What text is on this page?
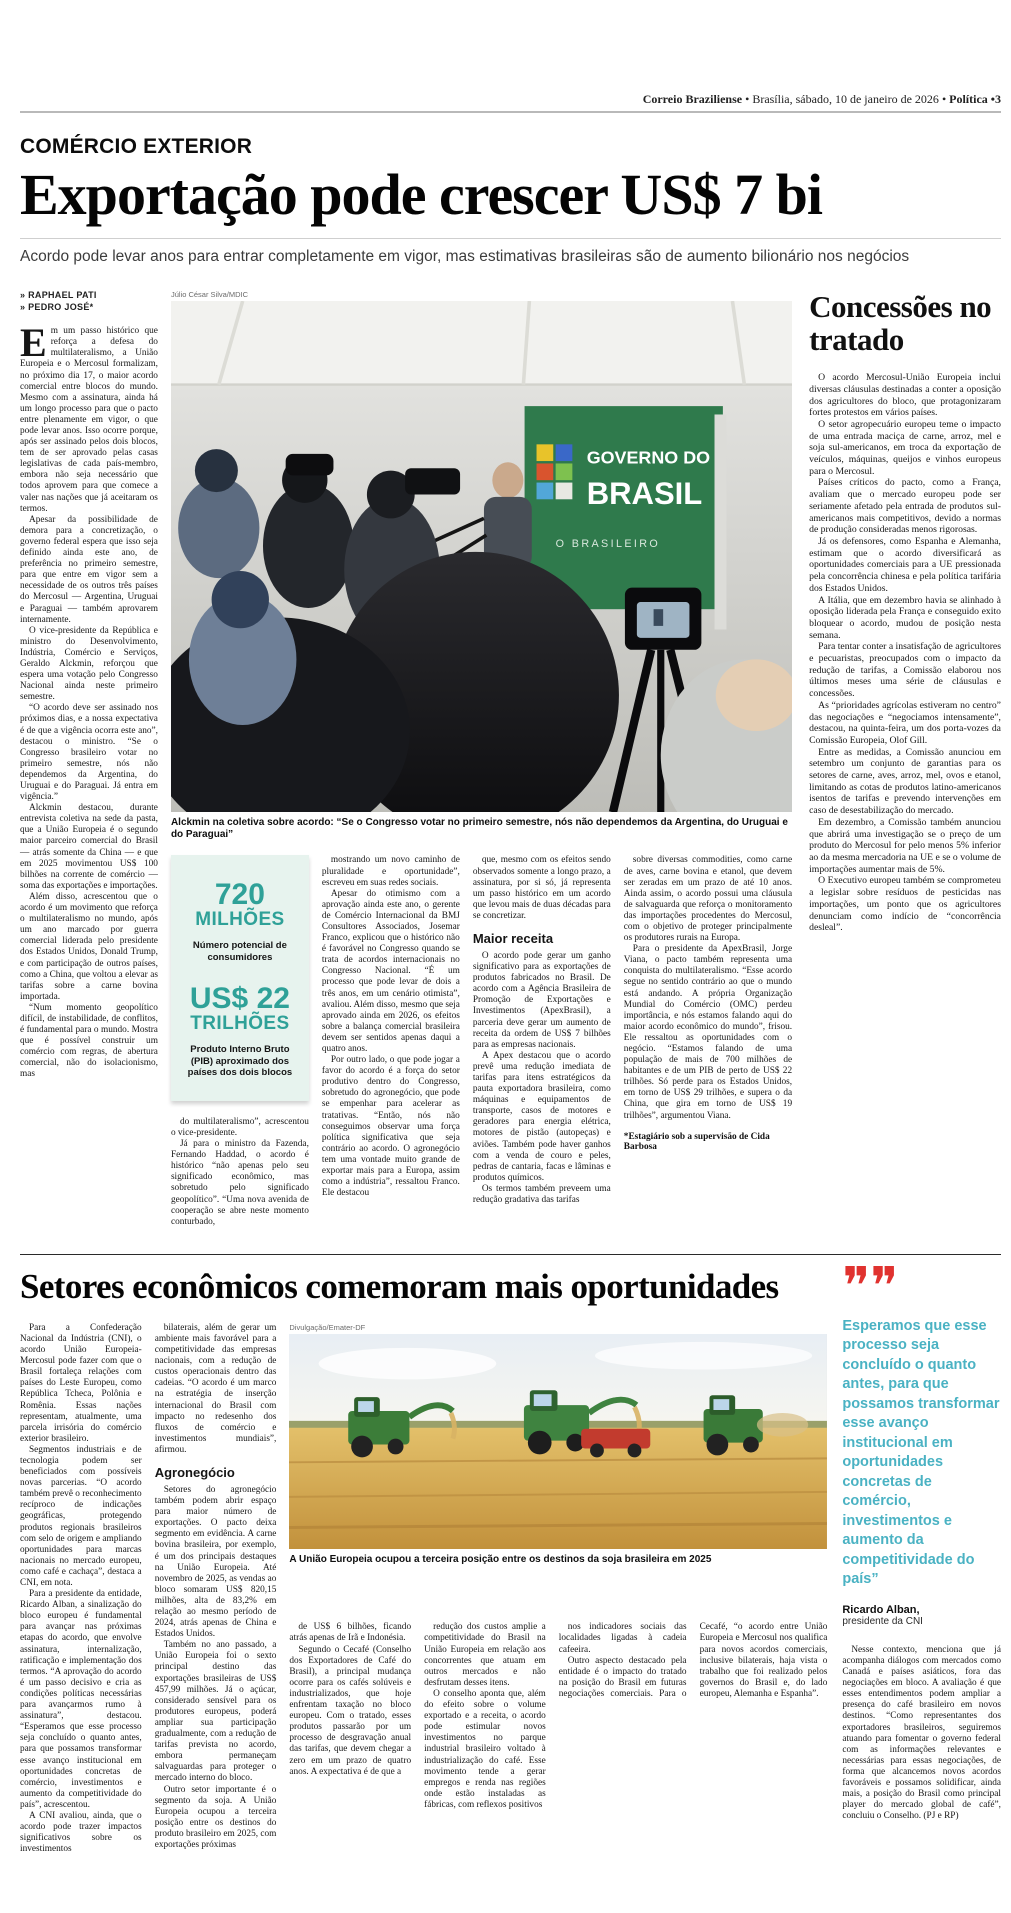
Correio Braziliense • Brasília, sábado, 10 de janeiro de 2026 • Política •3
COMÉRCIO EXTERIOR
Exportação pode crescer US$ 7 bi
Acordo pode levar anos para entrar completamente em vigor, mas estimativas brasileiras são de aumento bilionário nos negócios
» RAPHAEL PATI
» PEDRO JOSÉ*

Em um passo histórico que reforça a defesa do multilateralismo, a União Europeia e o Mercosul formalizam, no próximo dia 17, o maior acordo comercial entre blocos do mundo. Mesmo com a assinatura, ainda há um longo processo para que o pacto entre plenamente em vigor, o que pode levar anos. Isso ocorre porque, após ser assinado pelos dois blocos, tem de ser aprovado pelas casas legislativas de cada país-membro, embora não seja necessário que todos aprovem para que comece a valer nas nações que já aceitaram os termos.

Apesar da possibilidade de demora para a concretização, o governo federal espera que isso seja definido ainda este ano, de preferência no primeiro semestre, para que entre em vigor sem a necessidade de os outros três países do Mercosul — Argentina, Uruguai e Paraguai — também aprovarem internamente.

O vice-presidente da República e ministro do Desenvolvimento, Indústria, Comércio e Serviços, Geraldo Alckmin, reforçou que espera uma votação pelo Congresso Nacional ainda neste primeiro semestre.

“O acordo deve ser assinado nos próximos dias, e a nossa expectativa é de que a vigência ocorra este ano”, destacou o ministro. “Se o Congresso brasileiro votar no primeiro semestre, nós não dependemos da Argentina, do Uruguai e do Paraguai. Já entra em vigência.”

Alckmin destacou, durante entrevista coletiva na sede da pasta, que a União Europeia é o segundo maior parceiro comercial do Brasil — atrás somente da China — e que em 2025 movimentou US$ 100 bilhões na corrente de comércio — soma das exportações e importações.

Além disso, acrescentou que o acordo é um movimento que reforça o multilateralismo no mundo, após um ano marcado por guerra comercial liderada pelo presidente dos Estados Unidos, Donald Trump, e com participação de outros países, como a China, que voltou a elevar as tarifas sobre a carne bovina importada.

“Num momento geopolítico difícil, de instabilidade, de conflitos, é fundamental para o mundo. Mostra que é possível construir um comércio com regras, de abertura comercial, não do isolacionismo, mas

Júlio César Silva/MDIC
GOVERNO DO
BRASIL
O BRASILEIRO
Alckmin na coletiva sobre acordo: “Se o Congresso votar no primeiro semestre, nós não dependemos da Argentina, do Uruguai e do Paraguai”
720
MILHÕES
Número potencial de consumidores
US$ 22
TRILHÕES
Produto Interno Bruto (PIB) aproximado dos países dos dois blocos

do multilateralismo”, acrescentou o vice-presidente.

Já para o ministro da Fazenda, Fernando Haddad, o acordo é histórico “não apenas pelo seu significado econômico, mas sobretudo pelo significado geopolítico”. “Uma nova avenida de cooperação se abre neste momento conturbado,

mostrando um novo caminho de pluralidade e oportunidade”, escreveu em suas redes sociais.

Apesar do otimismo com a aprovação ainda este ano, o gerente de Comércio Internacional da BMJ Consultores Associados, Josemar Franco, explicou que o histórico não é favorável no Congresso quando se trata de acordos internacionais no Congresso Nacional. “É um processo que pode levar de dois a três anos, em um cenário otimista”, avaliou. Além disso, mesmo que seja aprovado ainda em 2026, os efeitos sobre a balança comercial brasileira devem ser sentidos apenas daqui a quatro anos.

Por outro lado, o que pode jogar a favor do acordo é a força do setor produtivo dentro do Congresso, sobretudo do agronegócio, que pode se empenhar para acelerar as tratativas. “Então, nós não conseguimos observar uma força política significativa que seja contrário ao acordo. O agronegócio tem uma vontade muito grande de exportar mais para a Europa, assim como a indústria”, ressaltou Franco. Ele destacou

que, mesmo com os efeitos sendo observados somente a longo prazo, a assinatura, por si só, já representa um passo histórico em um acordo que levou mais de duas décadas para se concretizar.

Maior receita

O acordo pode gerar um ganho significativo para as exportações de produtos fabricados no Brasil. De acordo com a Agência Brasileira de Promoção de Exportações e Investimentos (ApexBrasil), a parceria deve gerar um aumento de receita da ordem de US$ 7 bilhões para as empresas nacionais.

A Apex destacou que o acordo prevê uma redução imediata de tarifas para itens estratégicos da pauta exportadora brasileira, como máquinas e equipamentos de transporte, casos de motores e geradores para energia elétrica, motores de pistão (autopeças) e aviões. Também pode haver ganhos com a venda de couro e peles, pedras de cantaria, facas e lâminas e produtos químicos.

Os termos também preveem uma redução gradativa das tarifas

sobre diversas commodities, como carne de aves, carne bovina e etanol, que devem ser zeradas em um prazo de até 10 anos. Ainda assim, o acordo possui uma cláusula de salvaguarda que reforça o monitoramento das importações procedentes do Mercosul, com o objetivo de proteger principalmente os produtores rurais na Europa.

Para o presidente da ApexBrasil, Jorge Viana, o pacto também representa uma conquista do multilateralismo. “Esse acordo segue no sentido contrário ao que o mundo está andando. A própria Organização Mundial do Comércio (OMC) perdeu importância, e nós estamos falando aqui do maior acordo econômico do mundo”, frisou. Ele ressaltou as oportunidades com o negócio. “Estamos falando de uma população de mais de 700 milhões de habitantes e de um PIB de perto de US$ 22 trilhões. Só perde para os Estados Unidos, em torno de US$ 29 trilhões, e supera o da China, que gira em torno de US$ 19 trilhões”, argumentou Viana.

*Estagiário sob a supervisão de Cida Barbosa
Concessões no tratado

O acordo Mercosul-União Europeia inclui diversas cláusulas destinadas a conter a oposição dos agricultores do bloco, que protagonizaram fortes protestos em vários países.

O setor agropecuário europeu teme o impacto de uma entrada maciça de carne, arroz, mel e soja sul-americanos, em troca da exportação de veículos, máquinas, queijos e vinhos europeus para o Mercosul.

Países críticos do pacto, como a França, avaliam que o mercado europeu pode ser seriamente afetado pela entrada de produtos sul-americanos mais competitivos, devido a normas de produção consideradas menos rigorosas.

Já os defensores, como Espanha e Alemanha, estimam que o acordo diversificará as oportunidades comerciais para a UE pressionada pela concorrência chinesa e pela política tarifária dos Estados Unidos.

A Itália, que em dezembro havia se alinhado à oposição liderada pela França e conseguido exito bloquear o acordo, mudou de posição nesta semana.

Para tentar conter a insatisfação de agricultores e pecuaristas, preocupados com o impacto da redução de tarifas, a Comissão elaborou nos últimos meses uma série de cláusulas e concessões.

As “prioridades agrícolas estiveram no centro” das negociações e “negociamos intensamente”, destacou, na quinta-feira, um dos porta-vozes da Comissão Europeia, Olof Gill.

Entre as medidas, a Comissão anunciou em setembro um conjunto de garantias para os setores de carne, aves, arroz, mel, ovos e etanol, limitando as cotas de produtos latino-americanos isentos de tarifas e prevendo intervenções em caso de desestabilização do mercado.

Em dezembro, a Comissão também anunciou que abrirá uma investigação se o preço de um produto do Mercosul for pelo menos 5% inferior ao da mesma mercadoria na UE e se o volume de importações aumentar mais de 5%.

O Executivo europeu também se comprometeu a legislar sobre resíduos de pesticidas nas importações, um ponto que os agricultores denunciam como indício de “concorrência desleal”.

Setores econômicos comemoram mais oportunidades

Para a Confederação Nacional da Indústria (CNI), o acordo União Europeia-Mercosul pode fazer com que o Brasil fortaleça relações com países do Leste Europeu, como República Tcheca, Polônia e Romênia. Essas nações representam, atualmente, uma parcela irrisória do comércio exterior brasileiro.

Segmentos industriais e de tecnologia podem ser beneficiados com possíveis novas parcerias. “O acordo também prevê o reconhecimento recíproco de indicações geográficas, protegendo produtos regionais brasileiros com selo de origem e ampliando oportunidades para marcas nacionais no mercado europeu, como café e cachaça”, destaca a CNI, em nota.

Para a presidente da entidade, Ricardo Alban, a sinalização do bloco europeu é fundamental para avançar nas próximas etapas do acordo, que envolve assinatura, internalização, ratificação e implementação dos termos. “A aprovação do acordo é um passo decisivo e cria as condições políticas necessárias para avançarmos rumo à assinatura”, destacou. “Esperamos que esse processo seja concluído o quanto antes, para que possamos transformar esse avanço institucional em oportunidades concretas de comércio, investimentos e aumento da competitividade do país”, acrescentou.

A CNI avaliou, ainda, que o acordo pode trazer impactos significativos sobre os investimentos

bilaterais, além de gerar um ambiente mais favorável para a competitividade das empresas nacionais, com a redução de custos operacionais dentro das cadeias. “O acordo é um marco na estratégia de inserção internacional do Brasil com impacto no redesenho dos fluxos de comércio e investimentos mundiais”, afirmou.

Agronegócio

Setores do agronegócio também podem abrir espaço para maior número de exportações. O pacto deixa segmento em evidência. A carne bovina brasileira, por exemplo, é um dos principais destaques na União Europeia. Até novembro de 2025, as vendas ao bloco somaram US$ 820,15 milhões, alta de 83,2% em relação ao mesmo período de 2024, atrás apenas de China e Estados Unidos.

Também no ano passado, a União Europeia foi o sexto principal destino das exportações brasileiras de US$ 457,99 milhões. Já o açúcar, considerado sensível para os produtores europeus, poderá ampliar sua participação gradualmente, com a redução de tarifas prevista no acordo, embora permaneçam salvaguardas para proteger o mercado interno do bloco.

Outro setor importante é o segmento da soja. A União Europeia ocupou a terceira posição entre os destinos do produto brasileiro em 2025, com exportações próximas

Divulgação/Emater-DF
A União Europeia ocupou a terceira posição entre os destinos da soja brasileira em 2025

de US$ 6 bilhões, ficando atrás apenas de Irã e Indonésia.

Segundo o Cecafé (Conselho dos Exportadores de Café do Brasil), a principal mudança ocorre para os cafés solúveis e industrializados, que hoje enfrentam taxação no bloco europeu. Com o tratado, esses produtos passarão por um processo de desgravação anual das tarifas, que devem chegar a zero em um prazo de quatro anos. A expectativa é de que a

redução dos custos amplie a competitividade do Brasil na União Europeia em relação aos concorrentes que atuam em outros mercados e não desfrutam desses itens.

O conselho aponta que, além do efeito sobre o volume exportado e a receita, o acordo pode estimular novos investimentos no parque industrial brasileiro voltado à industrialização do café. Esse movimento tende a gerar empregos e renda nas regiões onde estão instaladas as fábricas, com reflexos positivos

nos indicadores sociais das localidades ligadas à cadeia cafeeira.

Outro aspecto destacado pela entidade é o impacto do tratado na posição do Brasil em futuras negociações comerciais. Para o Cecafé, “o acordo entre União Europeia e Mercosul nos qualifica para novos acordos comerciais, inclusive bilaterais, haja vista o trabalho que foi realizado pelos governos do Brasil e, do lado europeu, Alemanha e Espanha”.

❞❞
Esperamos que esse processo seja concluído o quanto antes, para que possamos transformar esse avanço institucional em oportunidades concretas de comércio, investimentos e aumento da competitividade do país”
Ricardo Alban,
presidente da CNI

Nesse contexto, menciona que já acompanha diálogos com mercados como Canadá e países asiáticos, fora das negociações em bloco. A avaliação é que esses entendimentos podem ampliar a presença do café brasileiro em novos destinos. “Como representantes dos exportadores brasileiros, seguiremos atuando para fomentar o governo federal com as informações relevantes e necessárias para essas negociações, de forma que alcancemos novos acordos favoráveis e possamos solidificar, ainda mais, a posição do Brasil como principal player do mercado global de café”, concluiu o Conselho. (PJ e RP)
